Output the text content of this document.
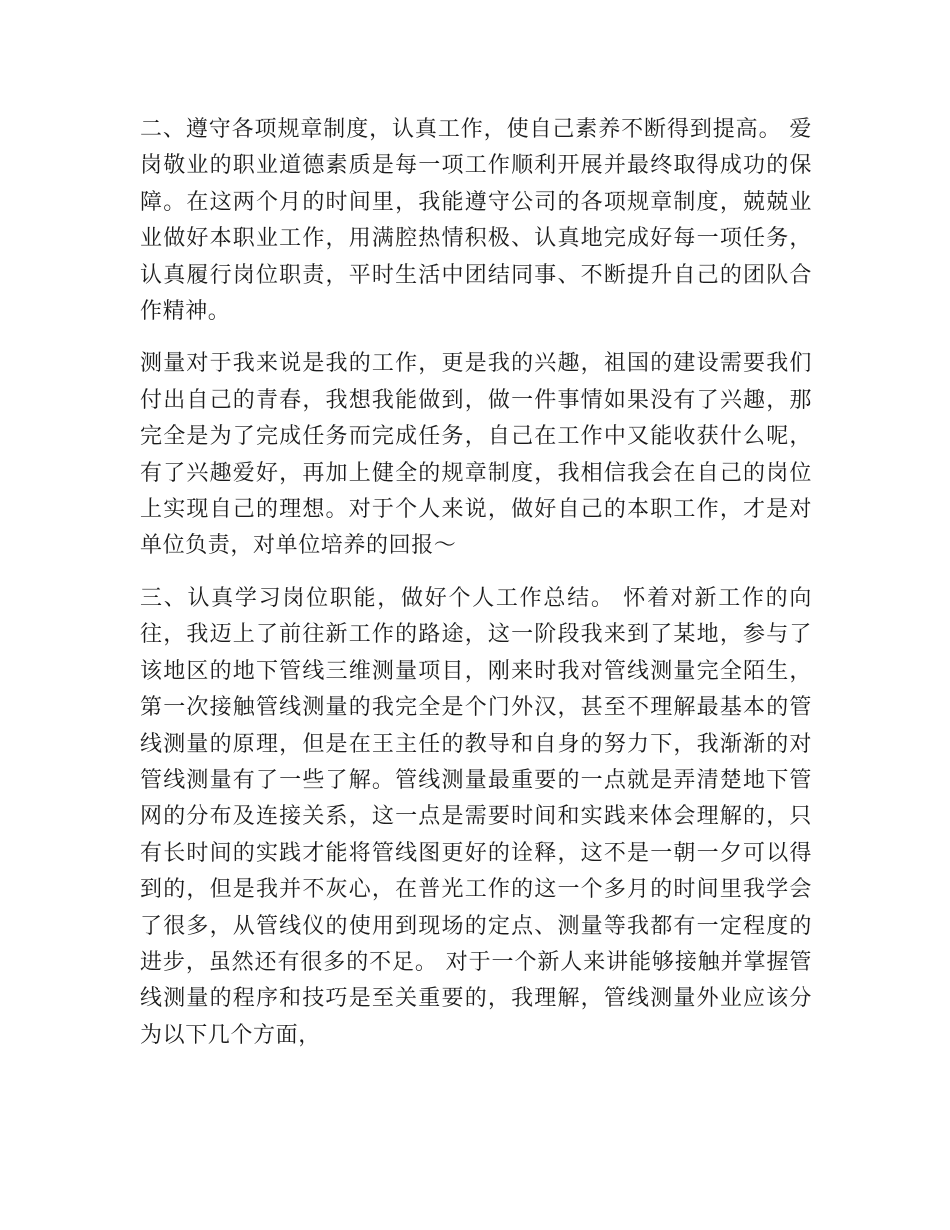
二、遵守各项规章制度，认真工作，使自己素养不断得到提高。 爱岗敬业的职业道德素质是每一项工作顺利开展并最终取得成功的保障。在这两个月的时间里，我能遵守公司的各项规章制度，兢兢业业做好本职业工作，用满腔热情积极、认真地完成好每一项任务，认真履行岗位职责，平时生活中团结同事、不断提升自己的团队合作精神。

测量对于我来说是我的工作，更是我的兴趣，祖国的建设需要我们付出自己的青春，我想我能做到，做一件事情如果没有了兴趣，那完全是为了完成任务而完成任务，自己在工作中又能收获什么呢，有了兴趣爱好，再加上健全的规章制度，我相信我会在自己的岗位上实现自己的理想。对于个人来说，做好自己的本职工作，才是对单位负责，对单位培养的回报～

三、认真学习岗位职能，做好个人工作总结。 怀着对新工作的向往，我迈上了前往新工作的路途，这一阶段我来到了某地，参与了该地区的地下管线三维测量项目，刚来时我对管线测量完全陌生，第一次接触管线测量的我完全是个门外汉，甚至不理解最基本的管线测量的原理，但是在王主任的教导和自身的努力下，我渐渐的对管线测量有了一些了解。管线测量最重要的一点就是弄清楚地下管网的分布及连接关系，这一点是需要时间和实践来体会理解的，只有长时间的实践才能将管线图更好的诠释，这不是一朝一夕可以得到的，但是我并不灰心，在普光工作的这一个多月的时间里我学会了很多，从管线仪的使用到现场的定点、测量等我都有一定程度的进步，虽然还有很多的不足。 对于一个新人来讲能够接触并掌握管线测量的程序和技巧是至关重要的，我理解，管线测量外业应该分为以下几个方面，
